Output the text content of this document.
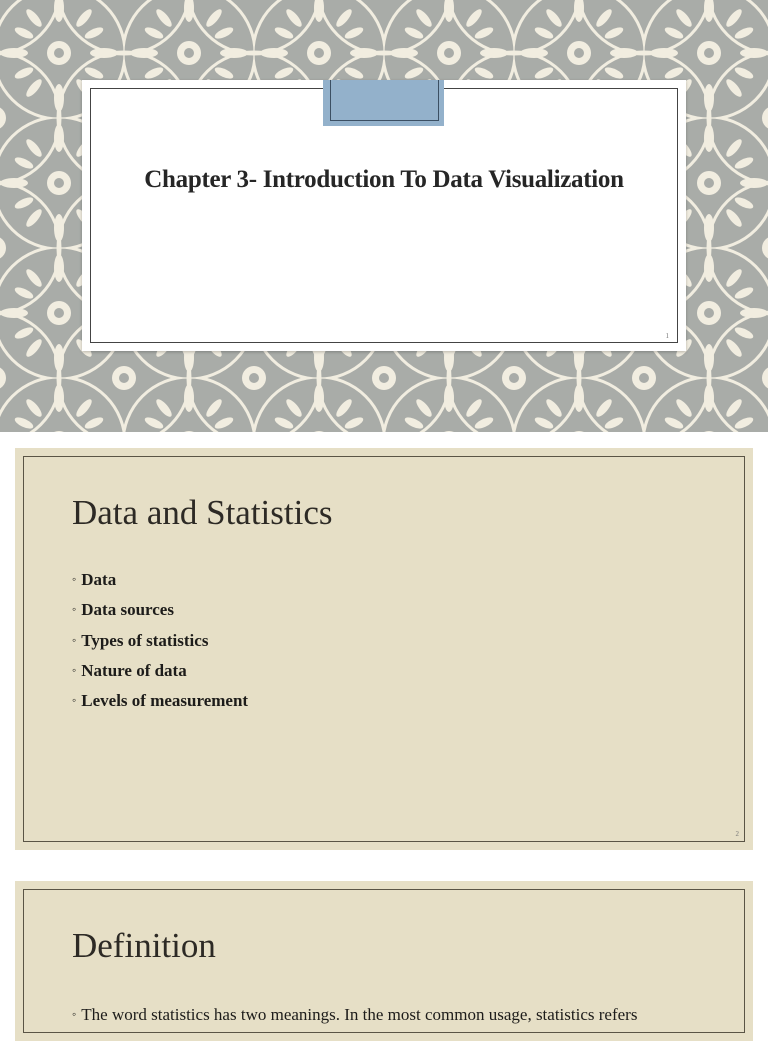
Chapter 3- Introduction To Data Visualization
1
Data and Statistics
◦ Data
◦ Data sources
◦ Types of statistics
◦ Nature of data
◦ Levels of measurement
2
Definition
◦ The word statistics has two meanings. In the most common usage, statistics refers
